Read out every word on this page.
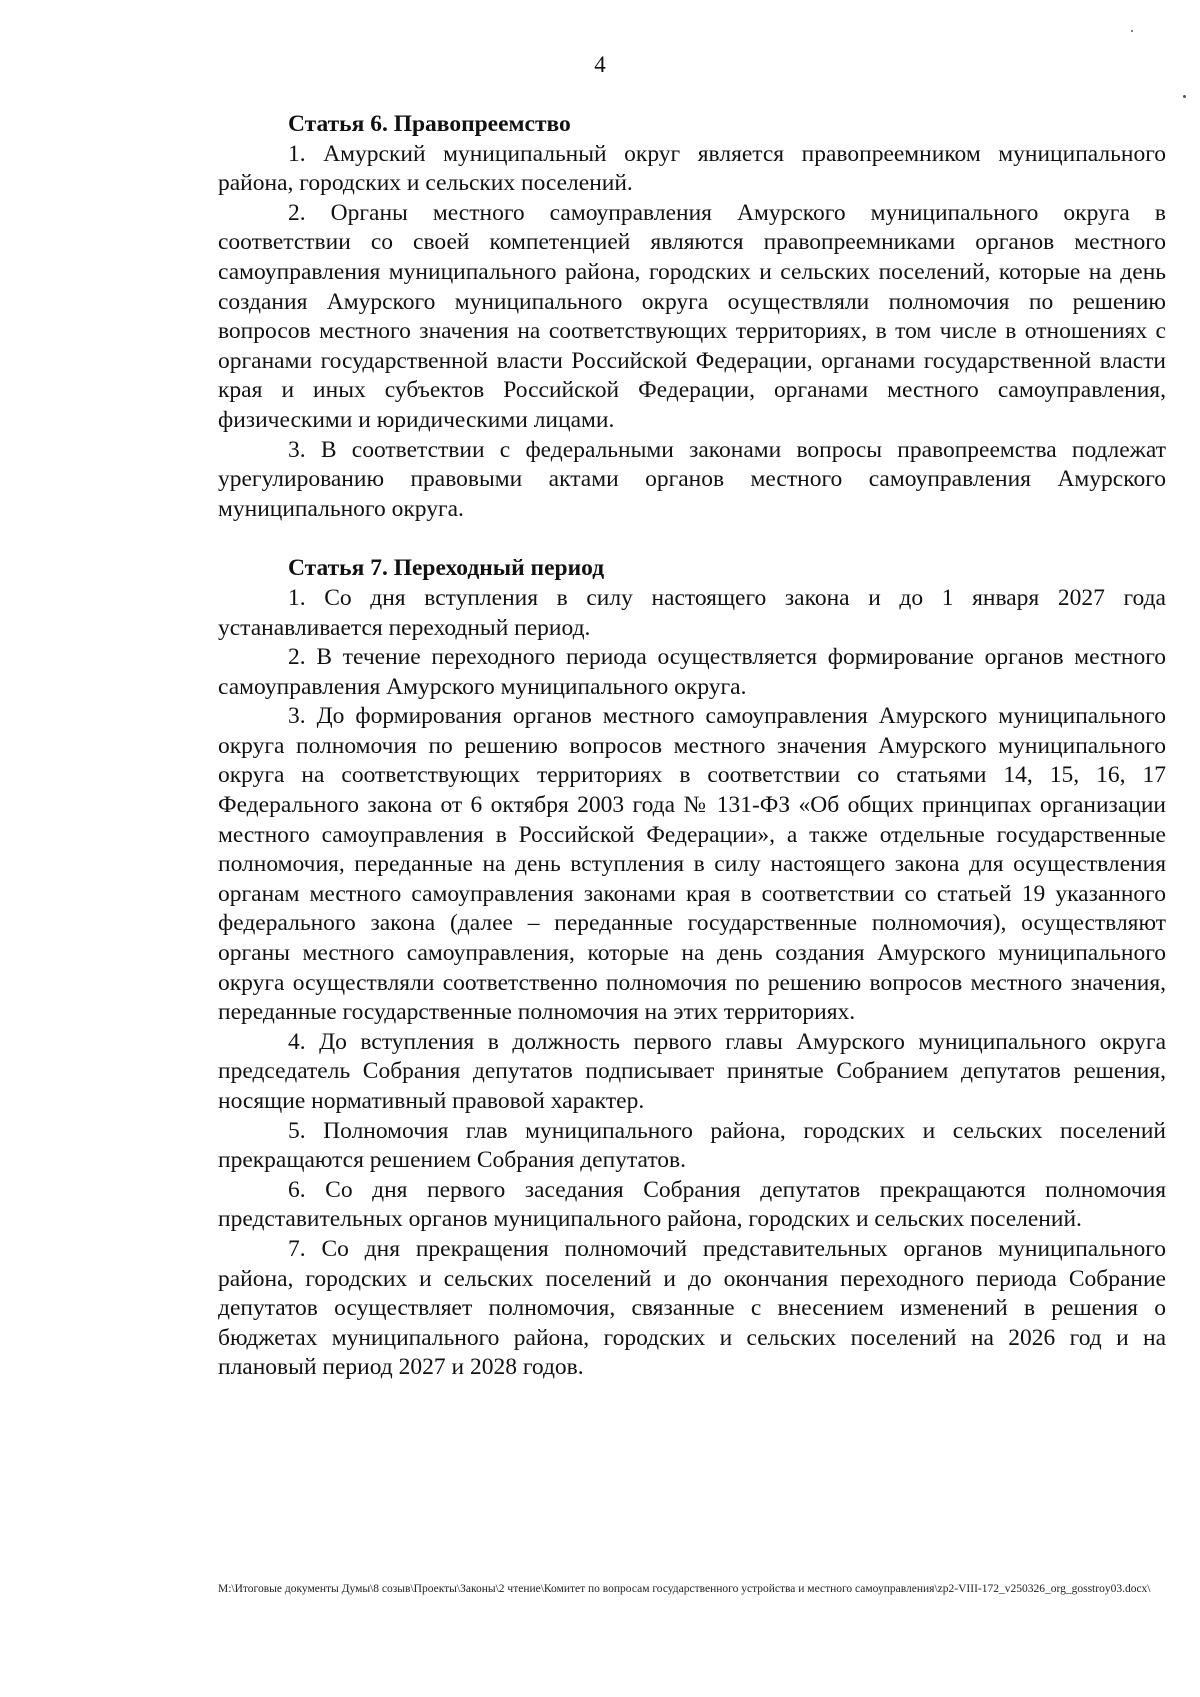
4

Статья 6. Правопреемство

1. Амурский муниципальный округ является правопреемником муниципального района, городских и сельских поселений.

2. Органы местного самоуправления Амурского муниципального округа в соответствии со своей компетенцией являются правопреемниками органов местного самоуправления муниципального района, городских и сельских поселений, которые на день создания Амурского муниципального округа осуществляли полномочия по решению вопросов местного значения на соответствующих территориях, в том числе в отношениях с органами государственной власти Российской Федерации, органами государственной власти края и иных субъектов Российской Федерации, органами местного самоуправления, физическими и юридическими лицами.

3. В соответствии с федеральными законами вопросы правопреемства подлежат урегулированию правовыми актами органов местного самоуправления Амурского муниципального округа.

Статья 7. Переходный период

1. Со дня вступления в силу настоящего закона и до 1 января 2027 года устанавливается переходный период.

2. В течение переходного периода осуществляется формирование органов местного самоуправления Амурского муниципального округа.

3. До формирования органов местного самоуправления Амурского муниципального округа полномочия по решению вопросов местного значения Амурского муниципального округа на соответствующих территориях в соответствии со статьями 14, 15, 16, 17 Федерального закона от 6 октября 2003 года № 131-ФЗ «Об общих принципах организации местного самоуправления в Российской Федерации», а также отдельные государственные полномочия, переданные на день вступления в силу настоящего закона для осуществления органам местного самоуправления законами края в соответствии со статьей 19 указанного федерального закона (далее – переданные государственные полномочия), осуществляют органы местного самоуправления, которые на день создания Амурского муниципального округа осуществляли соответственно полномочия по решению вопросов местного значения, переданные государственные полномочия на этих территориях.

4. До вступления в должность первого главы Амурского муниципального округа председатель Собрания депутатов подписывает принятые Собранием депутатов решения, носящие нормативный правовой характер.

5. Полномочия глав муниципального района, городских и сельских поселений прекращаются решением Собрания депутатов.

6. Со дня первого заседания Собрания депутатов прекращаются полномочия представительных органов муниципального района, городских и сельских поселений.

7. Со дня прекращения полномочий представительных органов муниципального района, городских и сельских поселений и до окончания переходного периода Собрание депутатов осуществляет полномочия, связанные с внесением изменений в решения о бюджетах муниципального района, городских и сельских поселений на 2026 год и на плановый период 2027 и 2028 годов.

M:\Итоговые документы Думы\8 созыв\Проекты\Законы\2 чтение\Комитет по вопросам государственного устройства и местного самоуправления\zp2-VIII-172_v250326_org_gosstroy03.docx\
